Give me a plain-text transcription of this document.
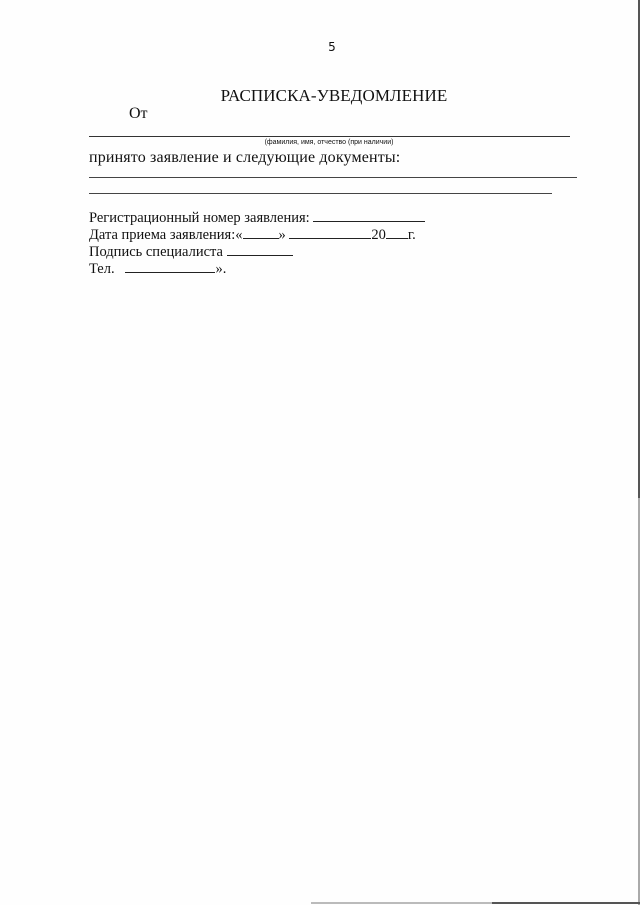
5
РАСПИСКА-УВЕДОМЛЕНИЕ
От
(фамилия, имя, отчество (при наличии)
принято заявление и следующие документы:
Регистрационный номер заявления:
Дата приема заявления:« »	20 г.
Подпись специалиста
Тел.	».
